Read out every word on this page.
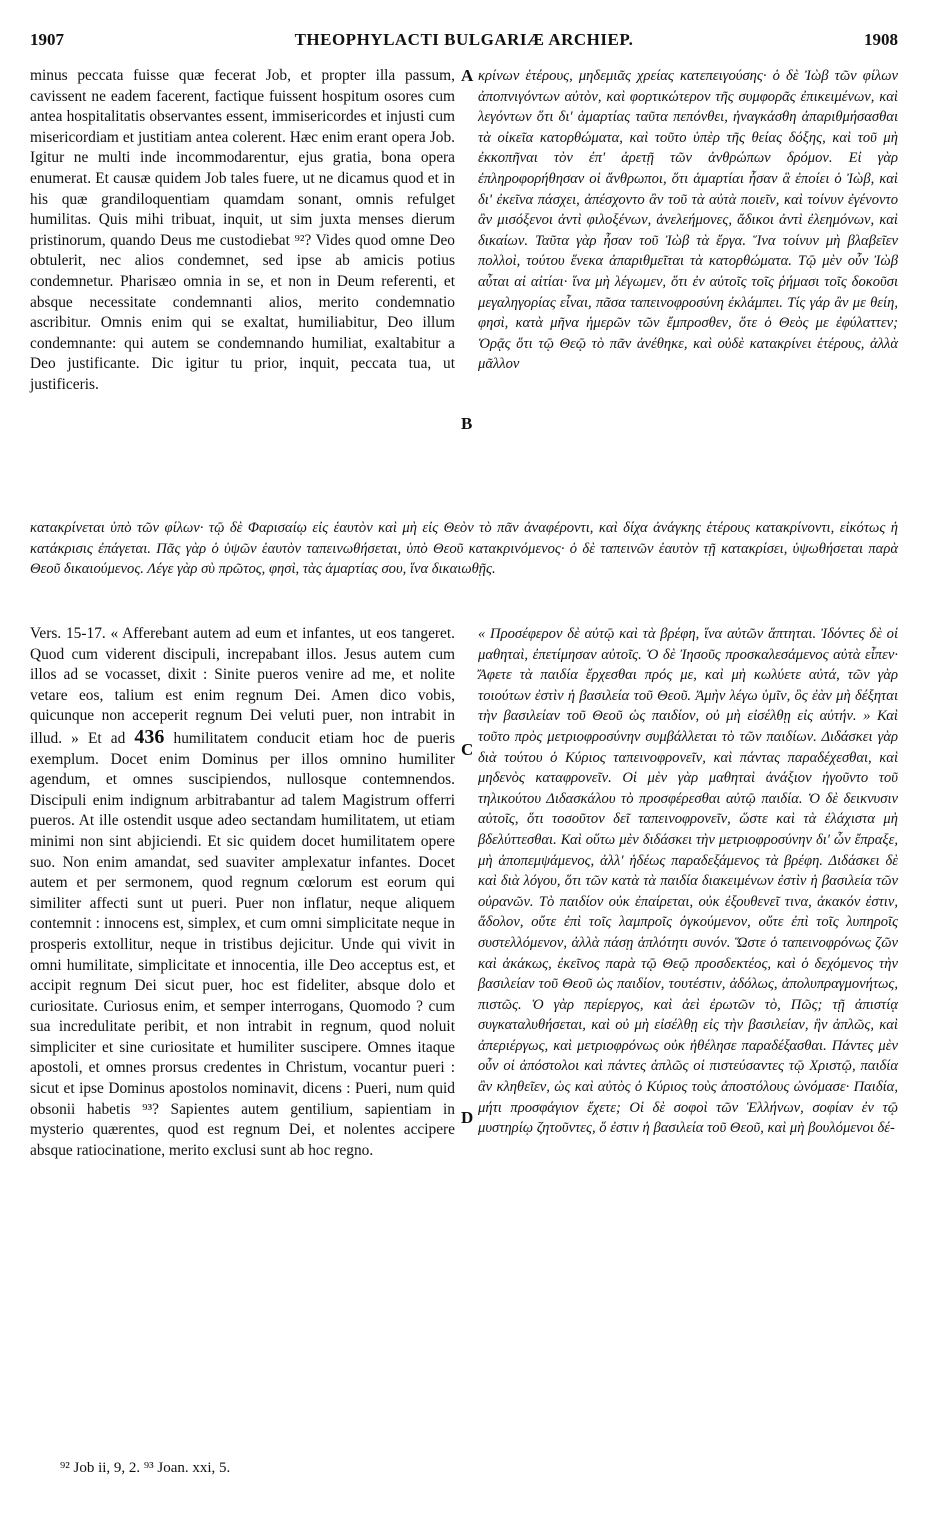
1907	THEOPHYLACTI BULGARIÆ ARCHIEP.	1908

minus peccata fuisse quæ fecerat Job, et propter illa passum, cavissent ne eadem facerent, factique fuissent hospitum osores cum antea hospitalitatis observantes essent, immisericordes et injusti cum misericordiam et justitiam antea colerent. Hæc enim erant opera Job. Igitur ne multi inde incommodarentur, ejus gratia, bona opera enumerat. Et causæ quidem Job tales fuere, ut ne dicamus quod et in his quæ grandiloquentiam quamdam sonant, omnis refulget humilitas. Quis mihi tribuat, inquit, ut sim juxta menses dierum pristinorum, quando Deus me custodiebat ⁹²? Vides quod omne Deo obtulerit, nec alios condemnet, sed ipse ab amicis potius condemnetur. Pharisæo omnia in se, et non in Deum referenti, et absque necessitate condemnanti alios, merito condemnatio ascribitur. Omnis enim qui se exaltat, humiliabitur, Deo illum condemnante: qui autem se condemnando humiliat, exaltabitur a Deo justificante. Dic igitur tu prior, inquit, peccata tua, ut justificeris.

κρίνων ἑτέρους, μηδεμιᾶς χρείας κατεπειγούσης· ὁ δὲ Ἰὼβ τῶν φίλων ἀποπνιγόντων αὐτὸν, καὶ φορτικώτερον τῆς συμφορᾶς ἐπικειμένων, καὶ λεγόντων ὅτι δι' ἁμαρτίας ταῦτα πεπόνθει, ἠναγκάσθη ἀπαριθμήσασθαι τὰ οἰκεῖα κατορθώματα, καὶ τοῦτο ὑπὲρ τῆς θείας δόξης, καὶ τοῦ μὴ ἐκκοπῆναι τὸν ἐπ' ἀρετῇ τῶν ἀνθρώπων δρόμον. Εἰ γὰρ ἐπληροφορήθησαν οἱ ἄνθρωποι, ὅτι ἁμαρτίαι ἦσαν ἃ ἐποίει ὁ Ἰὼβ, καὶ δι' ἐκεῖνα πάσχει, ἀπέσχοντο ἂν τοῦ τὰ αὐτὰ ποιεῖν, καὶ τοίνυν ἐγένοντο ἂν μισόξενοι ἀντὶ φιλοξένων, ἀνελεήμονες, ἄδικοι ἀντὶ ἐλεημόνων, καὶ δικαίων. Ταῦτα γὰρ ἦσαν τοῦ Ἰὼβ τὰ ἔργα. Ἵνα τοίνυν μὴ βλαβεῖεν πολλοὶ, τούτου ἕνεκα ἀπαριθμεῖται τὰ κατορθώματα. Τῷ μὲν οὖν Ἰὼβ αὗται αἱ αἰτίαι· ἵνα μὴ λέγωμεν, ὅτι ἐν αὐτοῖς τοῖς ῥήμασι τοῖς δοκοῦσι μεγαληγορίας εἶναι, πᾶσα ταπεινοφροσύνη ἐκλάμπει. Τίς γάρ ἂν με θείη, φησὶ, κατὰ μῆνα ἡμερῶν τῶν ἔμπροσθεν, ὅτε ὁ Θεὸς με ἐφύλαττεν; Ὁρᾷς ὅτι τῷ Θεῷ τὸ πᾶν ἀνέθηκε, καὶ οὐδὲ κατακρίνει ἑτέρους, ἀλλὰ μᾶλλον

A
B

κατακρίνεται ὑπὸ τῶν φίλων· τῷ δὲ Φαρισαίῳ εἰς ἑαυτὸν καὶ μὴ εἰς Θεὸν τὸ πᾶν ἀναφέροντι, καὶ δίχα ἀνάγκης ἑτέρους κατακρίνοντι, εἰκότως ἡ κατάκρισις ἐπάγεται. Πᾶς γὰρ ὁ ὑψῶν ἑαυτὸν ταπεινωθήσεται, ὑπὸ Θεοῦ κατακρινόμενος· ὁ δὲ ταπεινῶν ἑαυτὸν τῇ κατακρίσει, ὑψωθήσεται παρὰ Θεοῦ δικαιούμενος. Λέγε γὰρ σὺ πρῶτος, φησὶ, τὰς ἁμαρτίας σου, ἵνα δικαιωθῇς.

Vers. 15-17. « Afferebant autem ad eum et infantes, ut eos tangeret. Quod cum viderent discipuli, increpabant illos. Jesus autem cum illos ad se vocasset, dixit : Sinite pueros venire ad me, et nolite vetare eos, talium est enim regnum Dei. Amen dico vobis, quicunque non acceperit regnum Dei veluti puer, non intrabit in illud. » Et ad 436 humilitatem conducit etiam hoc de pueris exemplum. Docet enim Dominus per illos omnino humiliter agendum, et omnes suscipiendos, nullosque contemnendos. Discipuli enim indignum arbitrabantur ad talem Magistrum offerri pueros. At ille ostendit usque adeo sectandam humilitatem, ut etiam minimi non sint abjiciendi. Et sic quidem docet humilitatem opere suo. Non enim amandat, sed suaviter amplexatur infantes. Docet autem et per sermonem, quod regnum cœlorum est eorum qui similiter affecti sunt ut pueri. Puer non inflatur, neque aliquem contemnit : innocens est, simplex, et cum omni simplicitate neque in prosperis extollitur, neque in tristibus dejicitur. Unde qui vivit in omni humilitate, simplicitate et innocentia, ille Deo acceptus est, et accipit regnum Dei sicut puer, hoc est fideliter, absque dolo et curiositate. Curiosus enim, et semper interrogans, Quomodo ? cum sua incredulitate peribit, et non intrabit in regnum, quod noluit simpliciter et sine curiositate et humiliter suscipere. Omnes itaque apostoli, et omnes prorsus credentes in Christum, vocantur pueri : sicut et ipse Dominus apostolos nominavit, dicens : Pueri, num quid obsonii habetis ⁹³? Sapientes autem gentilium, sapientiam in mysterio quærentes, quod est regnum Dei, et nolentes accipere absque ratiocinatione, merito exclusi sunt ab hoc regno.

« Προσέφερον δὲ αὐτῷ καὶ τὰ βρέφη, ἵνα αὐτῶν ἅπτηται. Ἰδόντες δὲ οἱ μαθηταὶ, ἐπετίμησαν αὐτοῖς. Ὁ δὲ Ἰησοῦς προσκαλεσάμενος αὐτὰ εἶπεν· Ἄφετε τὰ παιδία ἔρχεσθαι πρός με, καὶ μὴ κωλύετε αὐτά, τῶν γὰρ τοιούτων ἐστὶν ἡ βασιλεία τοῦ Θεοῦ. Ἀμὴν λέγω ὑμῖν, ὃς ἐὰν μὴ δέξηται τὴν βασιλείαν τοῦ Θεοῦ ὡς παιδίον, οὐ μὴ εἰσέλθῃ εἰς αὐτήν. » Καὶ τοῦτο πρὸς μετριοφροσύνην συμβάλλεται τὸ τῶν παιδίων. Διδάσκει γὰρ διὰ τούτου ὁ Κύριος ταπεινοφρονεῖν, καὶ πάντας παραδέχεσθαι, καὶ μηδενὸς καταφρονεῖν. Οἱ μὲν γὰρ μαθηταὶ ἀνάξιον ἡγοῦντο τοῦ τηλικούτου Διδασκάλου τὸ προσφέρεσθαι αὐτῷ παιδία. Ὁ δὲ δεικνυσιν αὐτοῖς, ὅτι τοσοῦτον δεῖ ταπεινοφρονεῖν, ὥστε καὶ τὰ ἐλάχιστα μὴ βδελύττεσθαι. Καὶ οὕτω μὲν διδάσκει τὴν μετριοφροσύνην δι' ὧν ἔπραξε, μὴ ἀποπεμψάμενος, ἀλλ' ἡδέως παραδεξάμενος τὰ βρέφη. Διδάσκει δὲ καὶ διὰ λόγου, ὅτι τῶν κατὰ τὰ παιδία διακειμένων ἐστὶν ἡ βασιλεία τῶν οὐρανῶν. Τὸ παιδίον οὐκ ἐπαίρεται, οὐκ ἐξουθενεῖ τινα, ἀκακόν ἐστιν, ἄδολον, οὔτε ἐπὶ τοῖς λαμπροῖς ὀγκούμενον, οὔτε ἐπὶ τοῖς λυπηροῖς συστελλόμενον, ἀλλὰ πάσῃ ἁπλότητι συνόν. Ὥστε ὁ ταπεινοφρόνως ζῶν καὶ ἀκάκως, ἐκεῖνος παρὰ τῷ Θεῷ προσδεκτέος, καὶ ὁ δεχόμενος τὴν βασιλείαν τοῦ Θεοῦ ὡς παιδίον, τουτέστιν, ἀδόλως, ἀπολυπραγμονήτως, πιστῶς. Ὁ γὰρ περίεργος, καὶ ἀεὶ ἐρωτῶν τὸ, Πῶς; τῇ ἀπιστίᾳ συγκαταλυθήσεται, καὶ οὐ μὴ εἰσέλθῃ εἰς τὴν βασιλείαν, ἣν ἁπλῶς, καὶ ἀπεριέργως, καὶ μετριοφρόνως οὐκ ἠθέλησε παραδέξασθαι. Πάντες μὲν οὖν οἱ ἀπόστολοι καὶ πάντες ἁπλῶς οἱ πιστεύσαντες τῷ Χριστῷ, παιδία ἂν κληθεῖεν, ὡς καὶ αὐτὸς ὁ Κύριος τοὺς ἀποστόλους ὠνόμασε· Παιδία, μήτι προσφάγιον ἔχετε; Οἱ δὲ σοφοὶ τῶν Ἑλλήνων, σοφίαν ἐν τῷ μυστηρίῳ ζητοῦντες, ὅ ἐστιν ἡ βασιλεία τοῦ Θεοῦ, καὶ μὴ βουλόμενοι δέ-

C
D
⁹² Job ii, 9, 2. ⁹³ Joan. xxi, 5.
